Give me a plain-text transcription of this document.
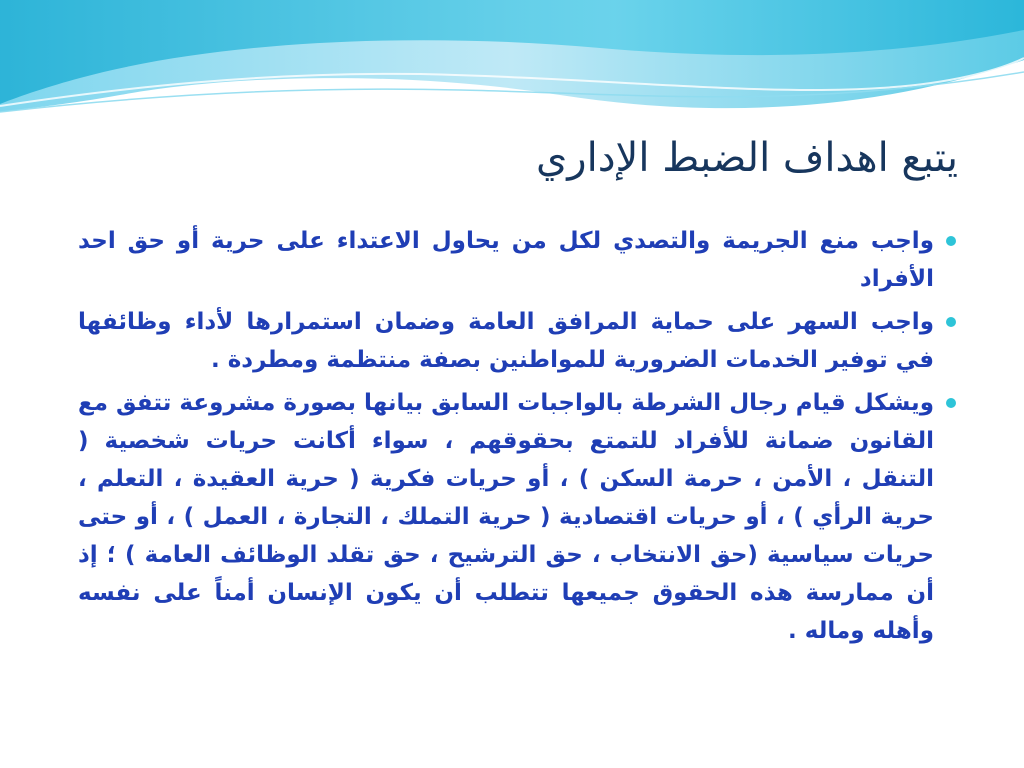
يتبع اهداف الضبط الإداري
واجب منع الجريمة والتصدي لكل من يحاول الاعتداء على حرية أو حق احد الأفراد
واجب السهر على حماية المرافق العامة وضمان استمرارها لأداء وظائفها في توفير الخدمات الضرورية للمواطنين بصفة منتظمة ومطردة .
ويشكل قيام رجال الشرطة بالواجبات السابق بيانها بصورة مشروعة تتفق مع القانون ضمانة للأفراد للتمتع بحقوقهم ، سواء أكانت حريات شخصية ( التنقل ، الأمن ، حرمة السكن ) ، أو حريات فكرية ( حرية العقيدة ، التعلم ، حرية الرأي ) ، أو حريات اقتصادية ( حرية التملك ، التجارة ، العمل ) ، أو حتى حريات سياسية (حق الانتخاب ، حق الترشيح ، حق تقلد الوظائف العامة ) ؛ إذ أن ممارسة هذه الحقوق جميعها تتطلب أن يكون الإنسان أمناً على نفسه وأهله وماله .
